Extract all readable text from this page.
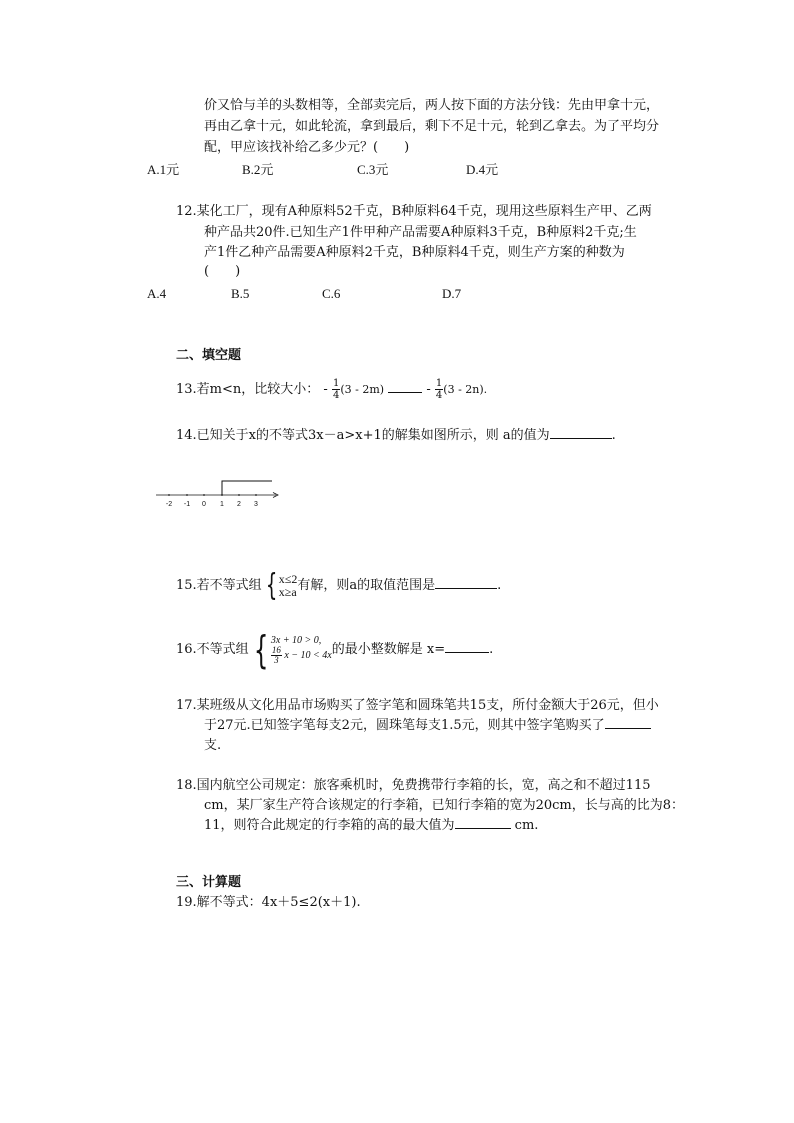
价又恰与羊的头数相等，全部卖完后，两人按下面的方法分钱：先由甲拿十元，
再由乙拿十元，如此轮流，拿到最后，剩下不足十元，轮到乙拿去。为了平均分
配，甲应该找补给乙多少元？(　　)
A.1元	B.2元	C.3元	D.4元
12.某化工厂，现有A种原料52千克，B种原料64千克，现用这些原料生产甲、乙两
种产品共20件.已知生产1件甲种产品需要A种原料3千克，B种原料2千克;生
产1件乙种产品需要A种原料2千克，B种原料4千克，则生产方案的种数为
(　　)
A.4	B.5	C.6	D.7
二、填空题
13.若m<n，比较大小： - $\frac{1}{4} (3 - 2m)$	- $\frac{1}{4} (3 - 2n)$.
14.已知关于x的不等式3x－a>x+1的解集如图所示，则 a的值为	.
-2 -1 0 1 2 3
15.若不等式组 { x≤2
x≥a 有解，则a的取值范围是	.
16.不等式组 { 3x + 10 > 0,
$\frac{16}{3}$
x − 10 < 4x 的最小整数解是 x=	.
17.某班级从文化用品市场购买了签字笔和圆珠笔共15支，所付金额大于26元，但小
于27元.已知签字笔每支2元，圆珠笔每支1.5元，则其中签字笔购买了
支.
18.国内航空公司规定：旅客乘机时，免费携带行李箱的长，宽，高之和不超过115
cm，某厂家生产符合该规定的行李箱，已知行李箱的宽为20cm，长与高的比为8：
11，则符合此规定的行李箱的高的最大值为	cm.
三、计算题
19.解不等式：4x＋5≤2(x＋1).
